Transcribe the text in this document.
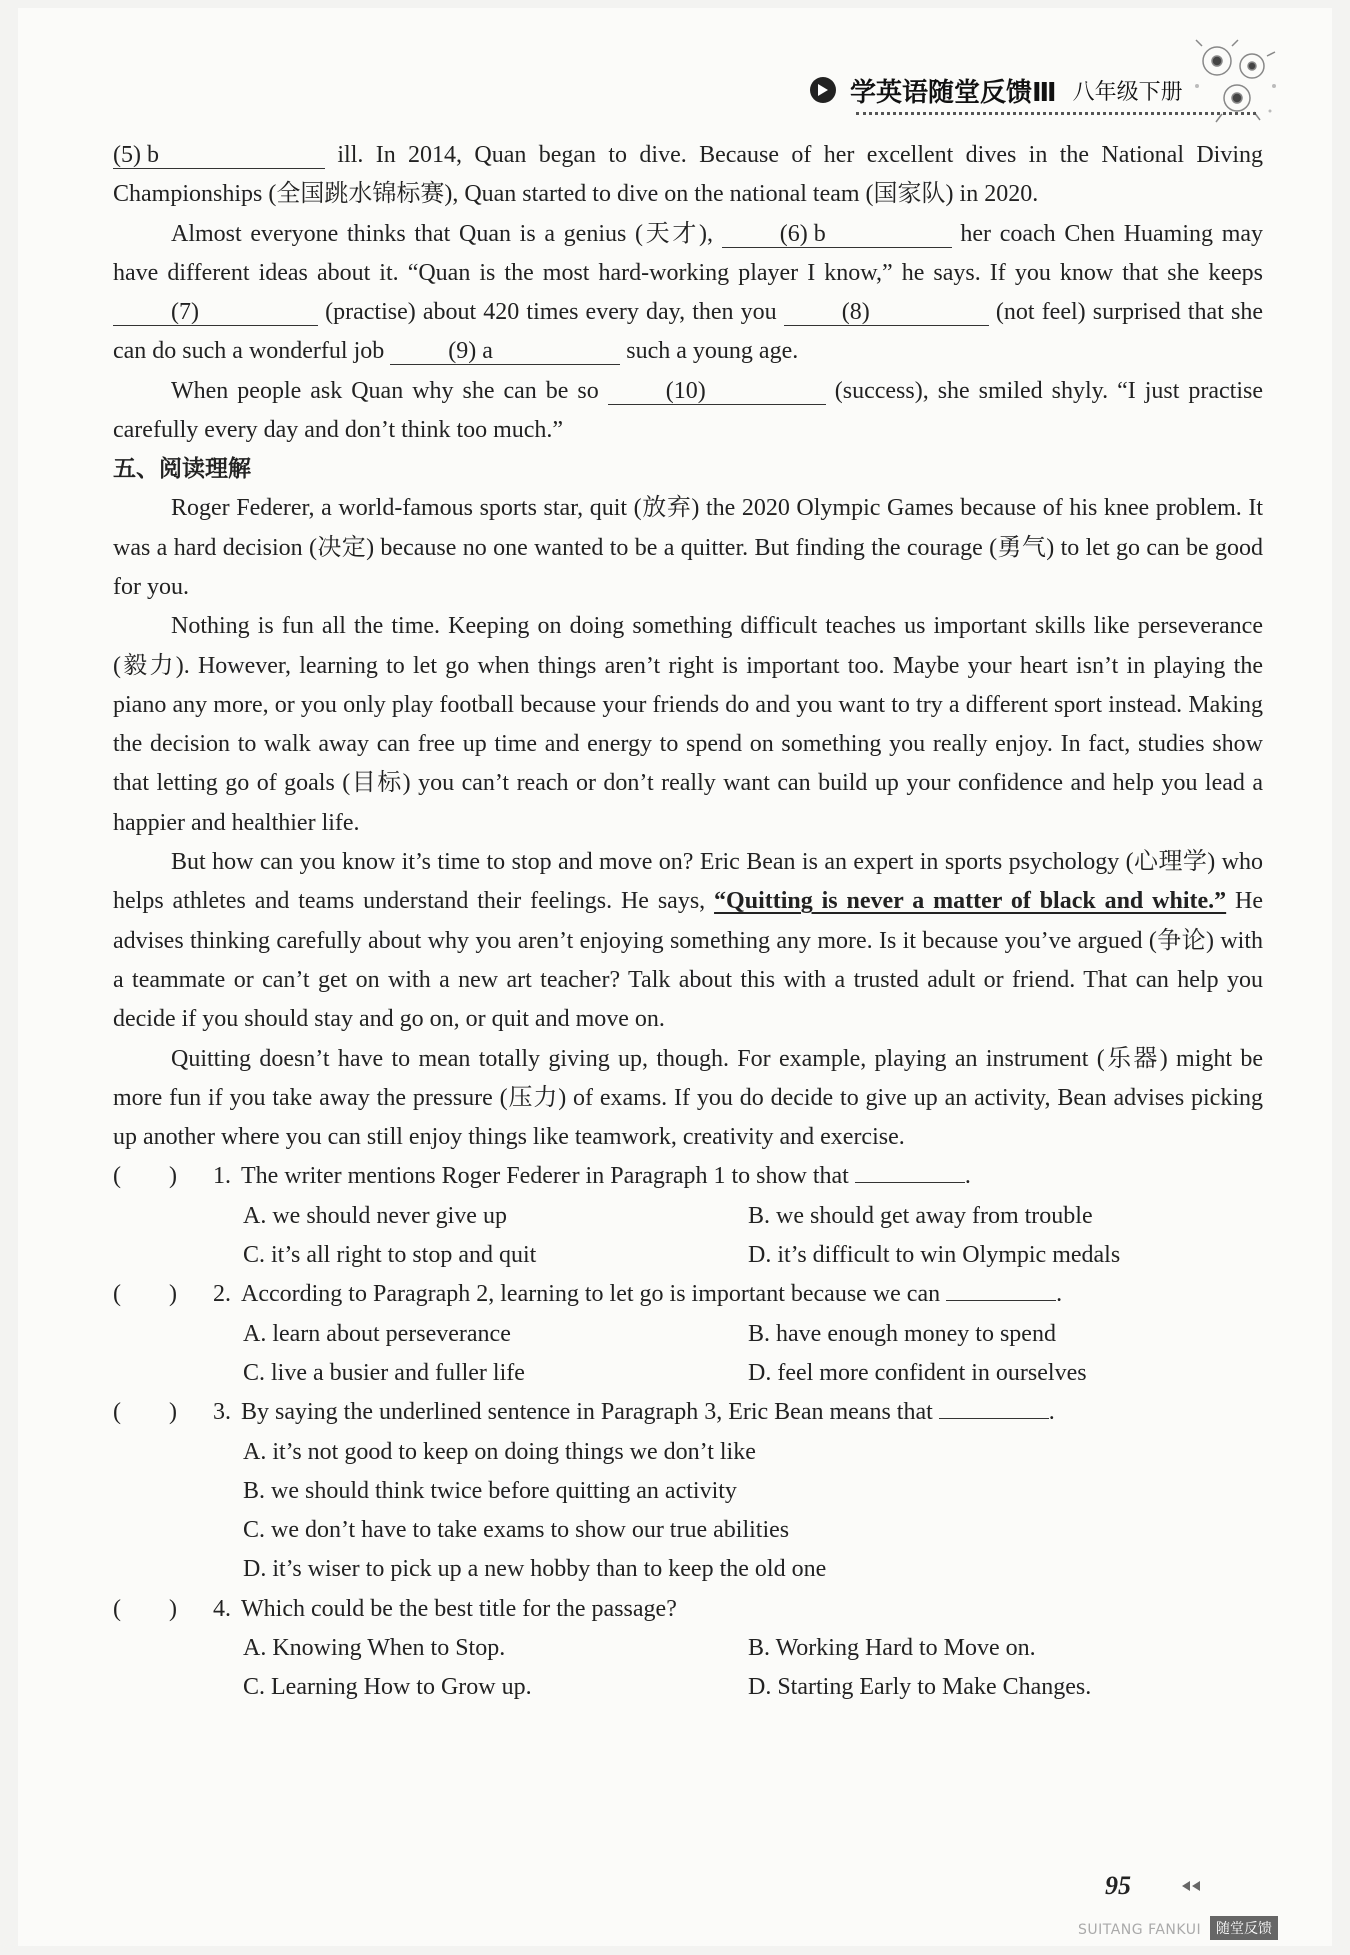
学英语随堂反馈Ⅲ 八年级下册

(5) b	ill. In 2014, Quan began to dive. Because of her excellent dives in the National Diving Championships (全国跳水锦标赛), Quan started to dive on the national team (国家队) in 2020.

Almost everyone thinks that Quan is a genius (天才), (6) b	her coach Chen Huaming may have different ideas about it. “Quan is the most hard-working player I know,” he says. If you know that she keeps (7)	(practise) about 420 times every day, then you (8)	(not feel) surprised that she can do such a wonderful job (9) a	such a young age.

When people ask Quan why she can be so (10)	(success), she smiled shyly. “I just practise carefully every day and don’t think too much.”

五、阅读理解

Roger Federer, a world-famous sports star, quit (放弃) the 2020 Olympic Games because of his knee problem. It was a hard decision (决定) because no one wanted to be a quitter. But finding the courage (勇气) to let go can be good for you.

Nothing is fun all the time. Keeping on doing something difficult teaches us important skills like perseverance (毅力). However, learning to let go when things aren’t right is important too. Maybe your heart isn’t in playing the piano any more, or you only play football because your friends do and you want to try a different sport instead. Making the decision to walk away can free up time and energy to spend on something you really enjoy. In fact, studies show that letting go of goals (目标) you can’t reach or don’t really want can build up your confidence and help you lead a happier and healthier life.

But how can you know it’s time to stop and move on? Eric Bean is an expert in sports psychology (心理学) who helps athletes and teams understand their feelings. He says, “Quitting is never a matter of black and white.” He advises thinking carefully about why you aren’t enjoying something any more. Is it because you’ve argued (争论) with a teammate or can’t get on with a new art teacher? Talk about this with a trusted adult or friend. That can help you decide if you should stay and go on, or quit and move on.

Quitting doesn’t have to mean totally giving up, though. For example, playing an instrument (乐器) might be more fun if you take away the pressure (压力) of exams. If you do decide to give up an activity, Bean advises picking up another where you can still enjoy things like teamwork, creativity and exercise.

(        )	1. The writer mentions Roger Federer in Paragraph 1 to show that	.

A. we should never give up	B. we should get away from trouble

C. it’s all right to stop and quit	D. it’s difficult to win Olympic medals

(        )	2. According to Paragraph 2, learning to let go is important because we can	.

A. learn about perseverance	B. have enough money to spend

C. live a busier and fuller life	D. feel more confident in ourselves

(        )	3. By saying the underlined sentence in Paragraph 3, Eric Bean means that	.

A. it’s not good to keep on doing things we don’t like

B. we should think twice before quitting an activity

C. we don’t have to take exams to show our true abilities

D. it’s wiser to pick up a new hobby than to keep the old one

(        )	4. Which could be the best title for the passage?

A. Knowing When to Stop.	B. Working Hard to Move on.

C. Learning How to Grow up.	D. Starting Early to Make Changes.

95
SUITANG FANKUI	随堂反馈
